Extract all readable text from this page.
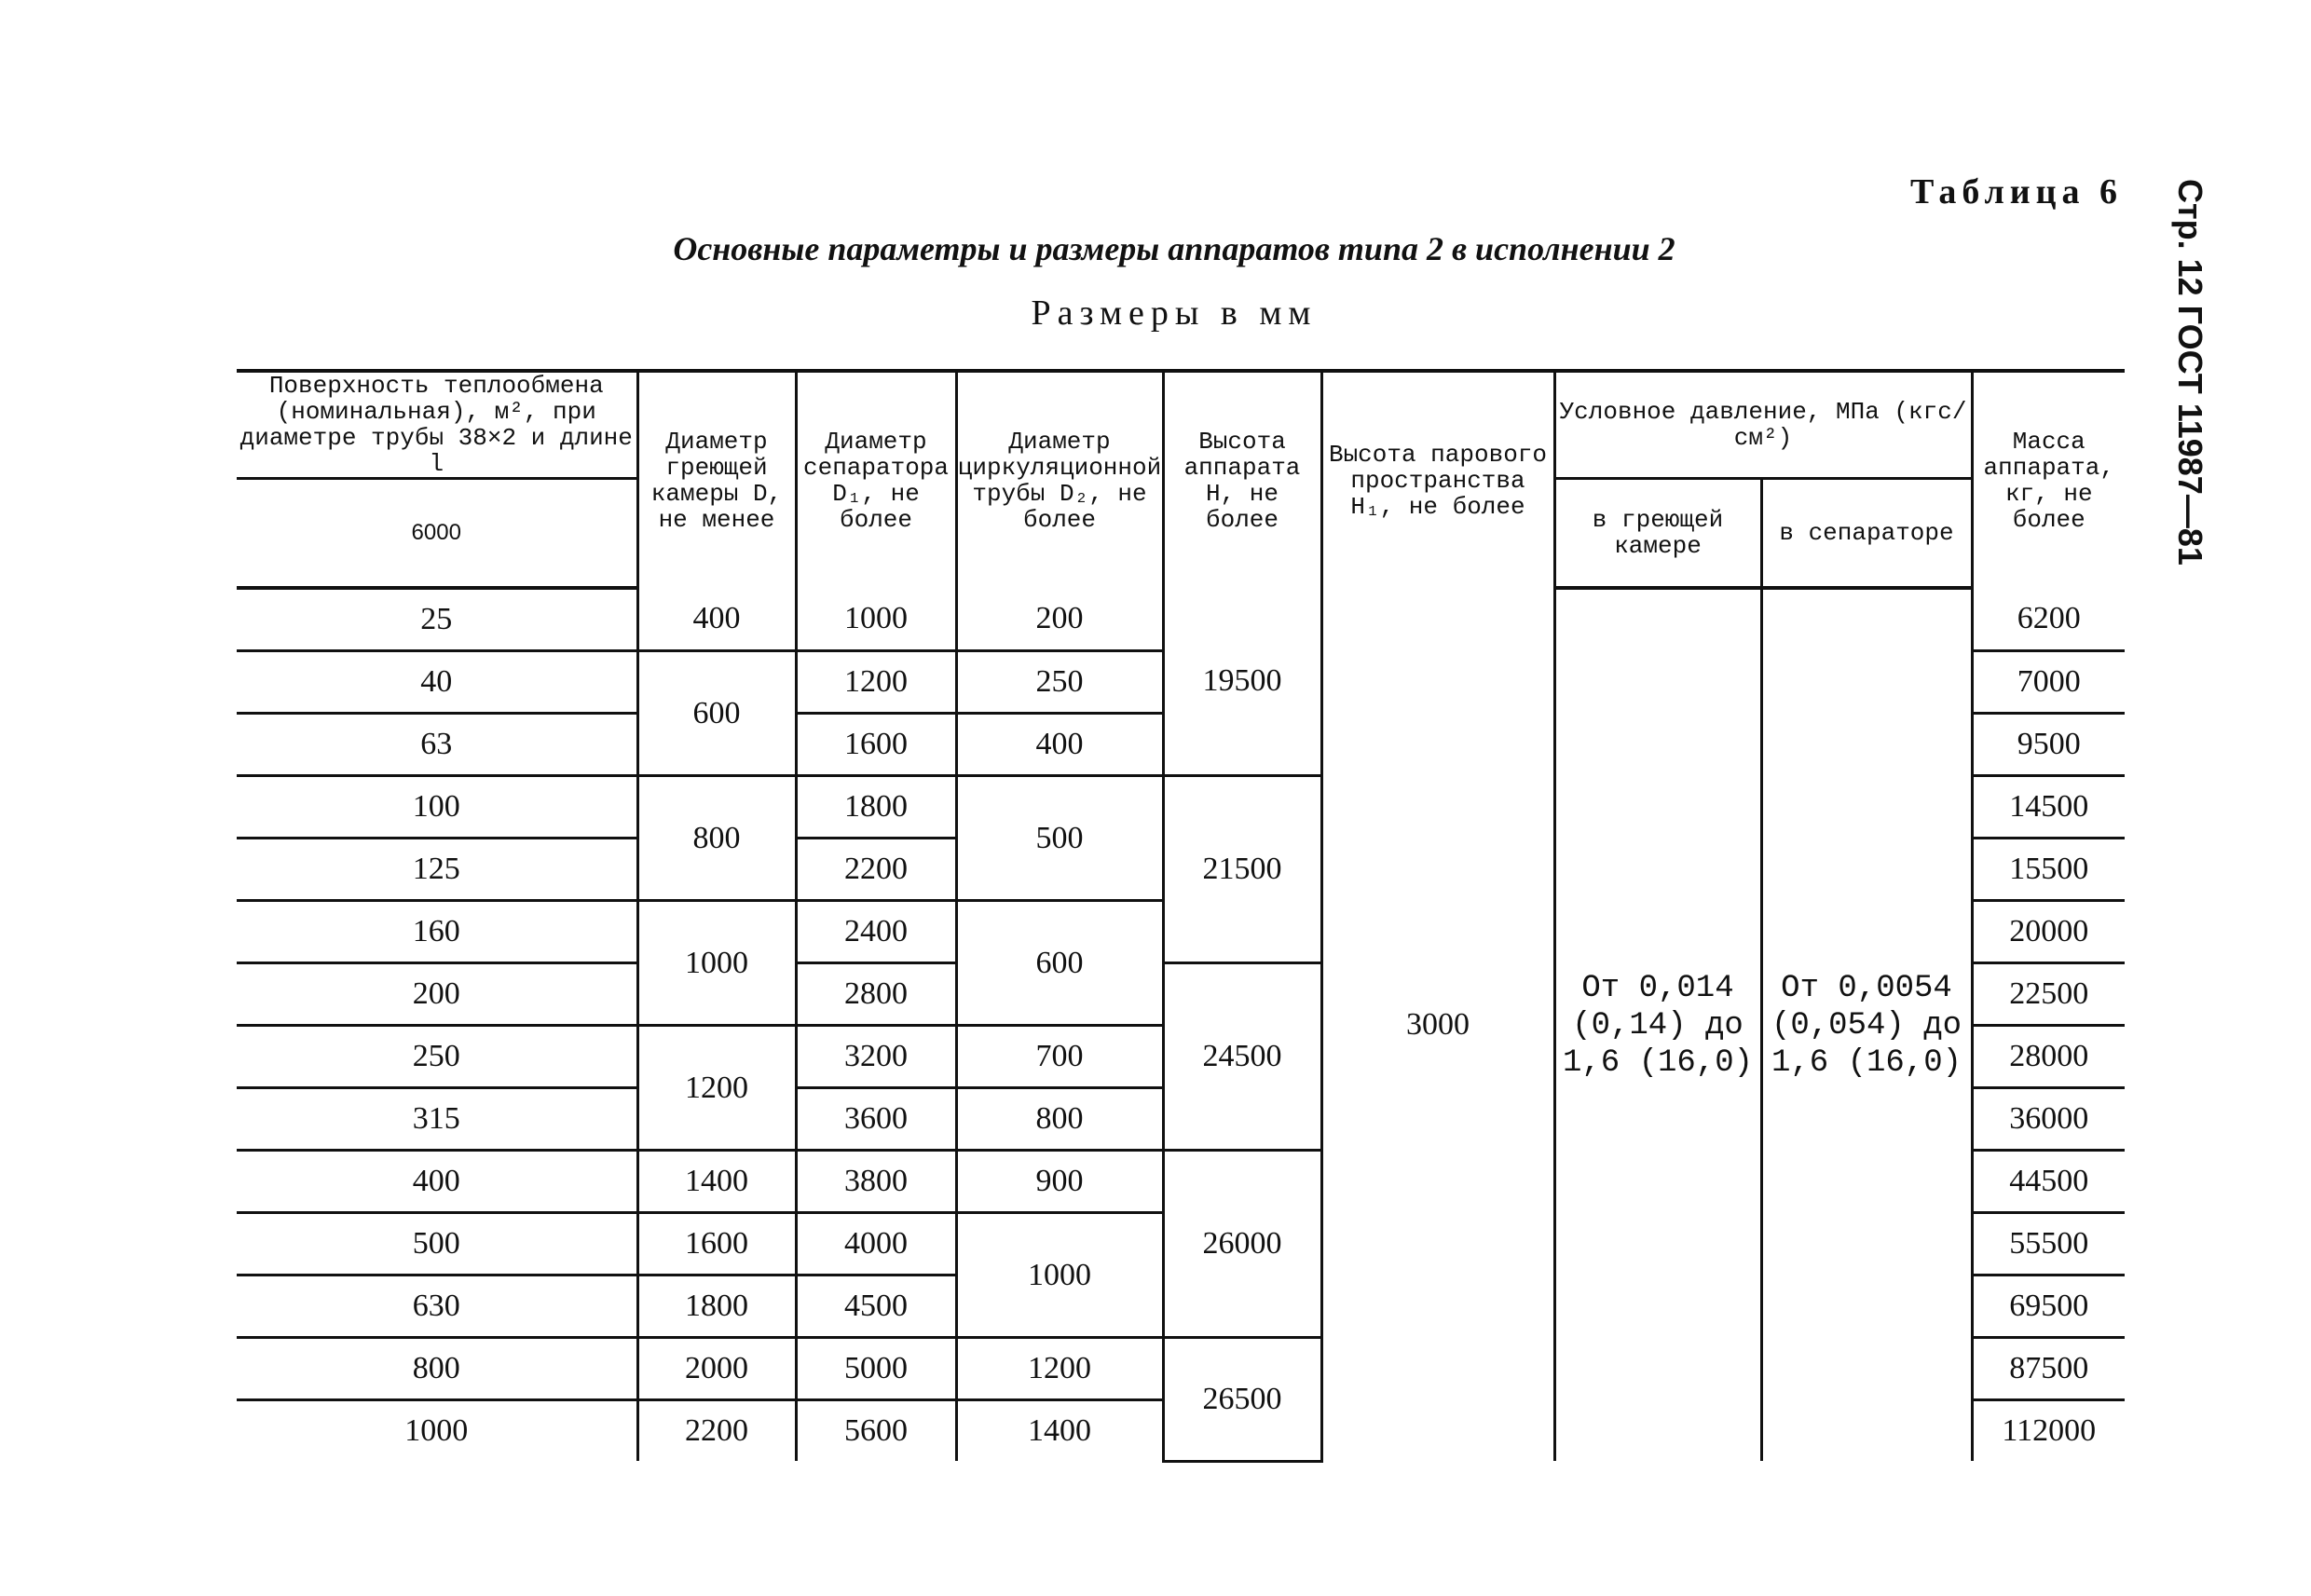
Таблица 6
Основные параметры и размеры аппаратов типа 2 в исполнении 2
Размеры в мм	Стр. 12 ГОСТ 11987—81
Поверхность теплообмена (номинальная), м², при диаметре трубы 38×2 и длине l	Диаметр греющей камеры D, не менее	Диаметр сепаратора D₁, не более	Диаметр циркуляционной трубы D₂, не более	Высота аппарата H, не более	Высота парового пространства H₁, не более	Условное давление, МПа (кгс/см²)		Масса аппарата, кг, не более
6000						в греющей камере	в сепараторе	
25	400	1000	200	19500	3000	От 0,014 (0,14) до 1,6 (16,0)	От 0,0054 (0,054) до 1,6 (16,0)	6200
40	600	1200	250					7000
63		1600	400					9500
100	800	1800	500	21500				14500
125		2200						15500
160	1000	2400	600					20000
200		2800		24500				22500
250	1200	3200	700					28000
315		3600	800					36000
400	1400	3800	900	26000				44500
500	1600	4000	1000					55500
630	1800	4500						69500
800	2000	5000	1200	26500				87500
1000	2200	5600	1400					112000
